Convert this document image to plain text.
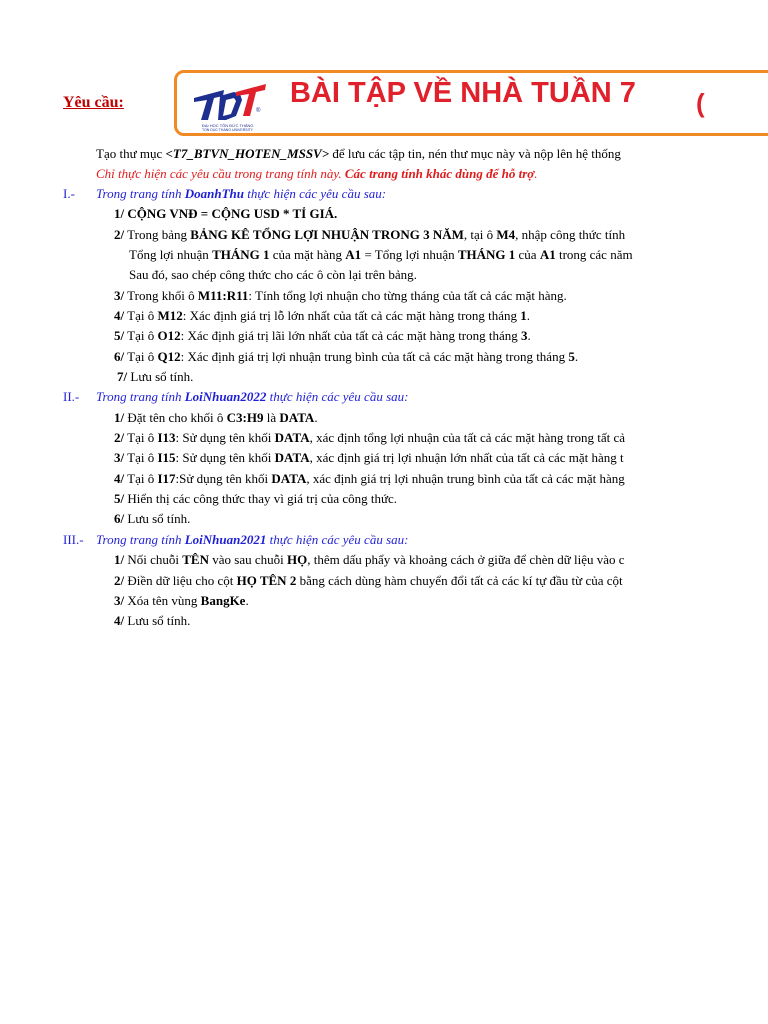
Yêu cầu:
ĐẠI HỌC TÔN ĐỨC THẮNG
TON DUC THANG UNIVERSITY
®
BÀI TẬP VỀ NHÀ TUẦN 7 (
Tạo thư mục <T7_BTVN_HOTEN_MSSV> để lưu các tập tin, nén thư mục này và nộp lên hệ thống
Chỉ thực hiện các yêu cầu trong trang tính này. Các trang tính khác dùng để hỗ trợ.
I.- Trong trang tính DoanhThu thực hiện các yêu cầu sau:
1/ CỘNG VNĐ = CỘNG USD * TỈ GIÁ.
2/ Trong bảng BẢNG KÊ TỔNG LỢI NHUẬN TRONG 3 NĂM, tại ô M4, nhập công thức tính
Tổng lợi nhuận THÁNG 1 của mặt hàng A1 = Tổng lợi nhuận THÁNG 1 của A1 trong các năm
Sau đó, sao chép công thức cho các ô còn lại trên bảng.
3/ Trong khối ô M11:R11: Tính tổng lợi nhuận cho từng tháng của tất cả các mặt hàng.
4/ Tại ô M12: Xác định giá trị lỗ lớn nhất của tất cả các mặt hàng trong tháng 1.
5/ Tại ô O12: Xác định giá trị lãi lớn nhất của tất cả các mặt hàng trong tháng 3.
6/ Tại ô Q12: Xác định giá trị lợi nhuận trung bình của tất cả các mặt hàng trong tháng 5.
7/ Lưu sổ tính.
II.- Trong trang tính LoiNhuan2022 thực hiện các yêu cầu sau:
1/ Đặt tên cho khối ô C3:H9 là DATA.
2/ Tại ô I13: Sử dụng tên khối DATA, xác định tổng lợi nhuận của tất cả các mặt hàng trong tất cả
3/ Tại ô I15: Sử dụng tên khối DATA, xác định giá trị lợi nhuận lớn nhất của tất cả các mặt hàng t
4/ Tại ô I17:Sử dụng tên khối DATA, xác định giá trị lợi nhuận trung bình của tất cả các mặt hàng
5/ Hiển thị các công thức thay vì giá trị của công thức.
6/ Lưu sổ tính.
III.- Trong trang tính LoiNhuan2021 thực hiện các yêu cầu sau:
1/ Nối chuỗi TÊN vào sau chuỗi HỌ, thêm dấu phẩy và khoảng cách ở giữa để chèn dữ liệu vào c
2/ Điền dữ liệu cho cột HỌ TÊN 2 bằng cách dùng hàm chuyển đổi tất cả các kí tự đầu từ của cột
3/ Xóa tên vùng BangKe.
4/ Lưu sổ tính.
